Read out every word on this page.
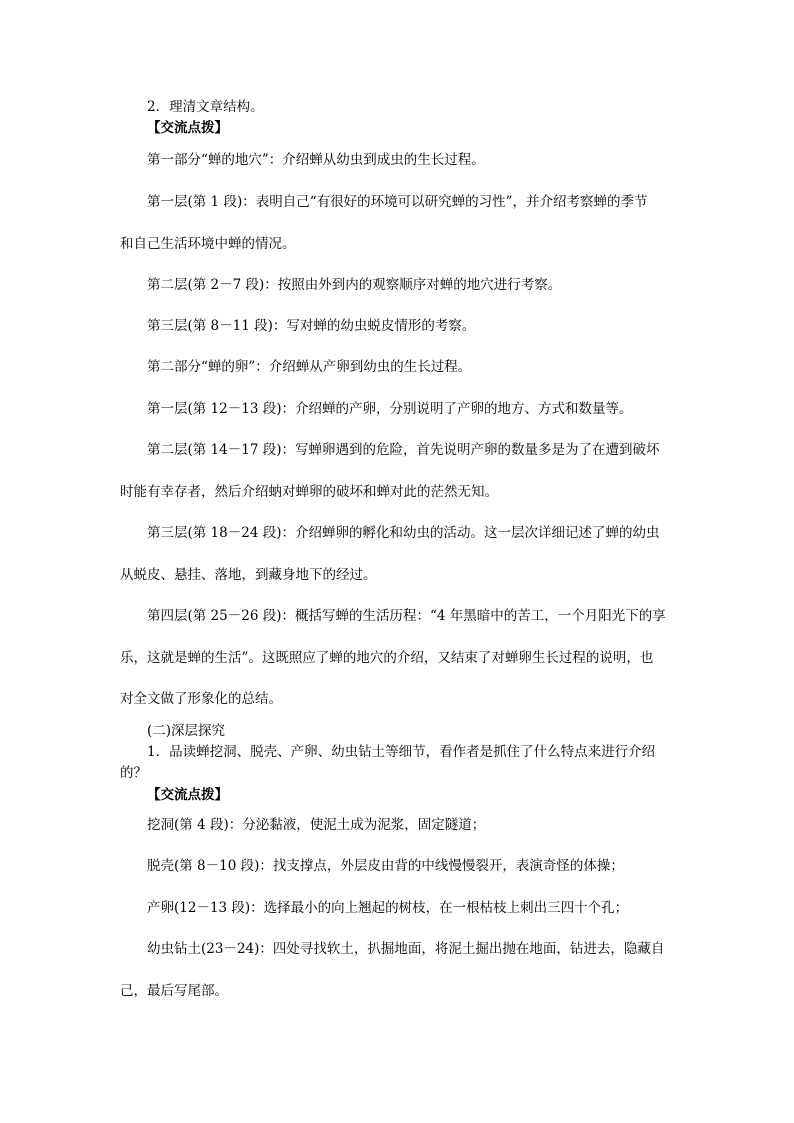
2．理清文章结构。
【交流点拨】
第一部分“蝉的地穴”：介绍蝉从幼虫到成虫的生长过程。
第一层(第 1 段)：表明自己“有很好的环境可以研究蝉的习性”，并介绍考察蝉的季节
和自己生活环境中蝉的情况。
第二层(第 2－7 段)：按照由外到内的观察顺序对蝉的地穴进行考察。
第三层(第 8－11 段)：写对蝉的幼虫蜕皮情形的考察。
第二部分“蝉的卵”：介绍蝉从产卵到幼虫的生长过程。
第一层(第 12－13 段)：介绍蝉的产卵，分别说明了产卵的地方、方式和数量等。
第二层(第 14－17 段)：写蝉卵遇到的危险，首先说明产卵的数量多是为了在遭到破坏
时能有幸存者，然后介绍蚋对蝉卵的破坏和蝉对此的茫然无知。
第三层(第 18－24 段)：介绍蝉卵的孵化和幼虫的活动。这一层次详细记述了蝉的幼虫
从蜕皮、悬挂、落地，到藏身地下的经过。
第四层(第 25－26 段)：概括写蝉的生活历程：“4 年黑暗中的苦工，一个月阳光下的享
乐，这就是蝉的生活”。这既照应了蝉的地穴的介绍，又结束了对蝉卵生长过程的说明，也
对全文做了形象化的总结。
(二)深层探究
1．品读蝉挖洞、脱壳、产卵、幼虫钻土等细节，看作者是抓住了什么特点来进行介绍
的？
【交流点拨】
挖洞(第 4 段)：分泌黏液，使泥土成为泥浆，固定隧道；
脱壳(第 8－10 段)：找支撑点，外层皮由背的中线慢慢裂开，表演奇怪的体操；
产卵(12－13 段)：选择最小的向上翘起的树枝，在一根枯枝上刺出三四十个孔；
幼虫钻土(23－24)：四处寻找软土，扒掘地面，将泥土掘出抛在地面，钻进去，隐藏自
己，最后写尾部。
